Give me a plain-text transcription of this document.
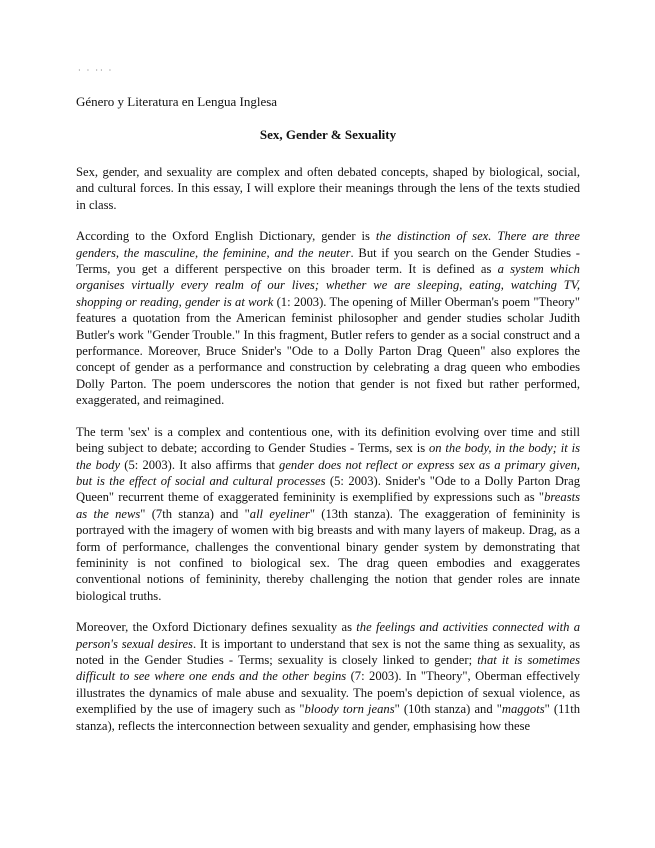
· · ·· ·
Género y Literatura en Lengua Inglesa
Sex, Gender & Sexuality

Sex, gender, and sexuality are complex and often debated concepts, shaped by biological, social, and cultural forces. In this essay, I will explore their meanings through the lens of the texts studied in class.

According to the Oxford English Dictionary, gender is the distinction of sex. There are three genders, the masculine, the feminine, and the neuter. But if you search on the Gender Studies - Terms, you get a different perspective on this broader term. It is defined as a system which organises virtually every realm of our lives; whether we are sleeping, eating, watching TV, shopping or reading, gender is at work (1: 2003). The opening of Miller Oberman's poem "Theory" features a quotation from the American feminist philosopher and gender studies scholar Judith Butler's work "Gender Trouble." In this fragment, Butler refers to gender as a social construct and a performance. Moreover, Bruce Snider's "Ode to a Dolly Parton Drag Queen" also explores the concept of gender as a performance and construction by celebrating a drag queen who embodies Dolly Parton. The poem underscores the notion that gender is not fixed but rather performed, exaggerated, and reimagined.

The term 'sex' is a complex and contentious one, with its definition evolving over time and still being subject to debate; according to Gender Studies - Terms, sex is on the body, in the body; it is the body (5: 2003). It also affirms that gender does not reflect or express sex as a primary given, but is the effect of social and cultural processes (5: 2003). Snider's "Ode to a Dolly Parton Drag Queen" recurrent theme of exaggerated femininity is exemplified by expressions such as "breasts as the news" (7th stanza) and "all eyeliner" (13th stanza). The exaggeration of femininity is portrayed with the imagery of women with big breasts and with many layers of makeup. Drag, as a form of performance, challenges the conventional binary gender system by demonstrating that femininity is not confined to biological sex. The drag queen embodies and exaggerates conventional notions of femininity, thereby challenging the notion that gender roles are innate biological truths.

Moreover, the Oxford Dictionary defines sexuality as the feelings and activities connected with a person's sexual desires. It is important to understand that sex is not the same thing as sexuality, as noted in the Gender Studies - Terms; sexuality is closely linked to gender; that it is sometimes difficult to see where one ends and the other begins (7: 2003). In "Theory", Oberman effectively illustrates the dynamics of male abuse and sexuality. The poem's depiction of sexual violence, as exemplified by the use of imagery such as "bloody torn jeans" (10th stanza) and "maggots" (11th stanza), reflects the interconnection between sexuality and gender, emphasising how these
